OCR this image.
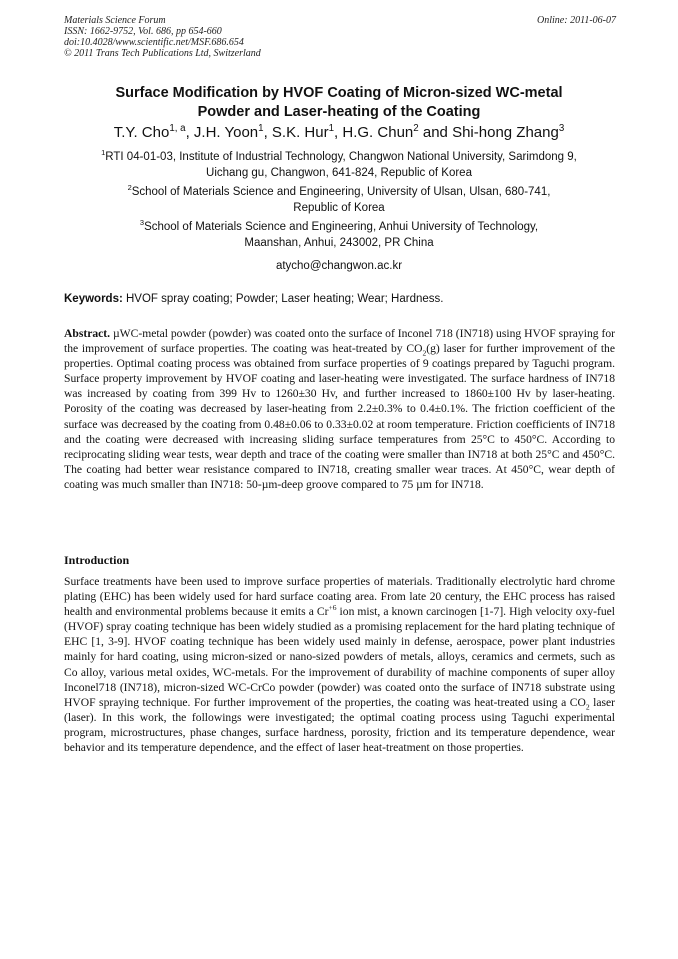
Materials Science Forum
ISSN: 1662-9752, Vol. 686, pp 654-660
doi:10.4028/www.scientific.net/MSF.686.654
© 2011 Trans Tech Publications Ltd, Switzerland
Online: 2011-06-07
Surface Modification by HVOF Coating of Micron-sized WC-metal
Powder and Laser-heating of the Coating
T.Y. Cho$^{1, a}$, J.H. Yoon$^1$, S.K. Hur$^1$, H.G. Chun$^2$ and Shi-hong Zhang$^3$
$^1$RTI 04-01-03, Institute of Industrial Technology, Changwon National University, Sarimdong 9,
Uichang gu, Changwon, 641-824, Republic of Korea
$^2$School of Materials Science and Engineering, University of Ulsan, Ulsan, 680-741,
Republic of Korea
$^3$School of Materials Science and Engineering, Anhui University of Technology,
Maanshan, Anhui, 243002, PR China
atycho@changwon.ac.kr
Keywords: HVOF spray coating; Powder; Laser heating; Wear; Hardness.
Abstract. µWC-metal powder (powder) was coated onto the surface of Inconel 718 (IN718) using HVOF spraying for the improvement of surface properties. The coating was heat-treated by $CO_2(g)$ laser for further improvement of the properties. Optimal coating process was obtained from surface properties of 9 coatings prepared by Taguchi program. Surface property improvement by HVOF coating and laser-heating were investigated. The surface hardness of IN718 was increased by coating from 399 Hv to 1260±30 Hv, and further increased to 1860±100 Hv by laser-heating. Porosity of the coating was decreased by laser-heating from 2.2±0.3% to 0.4±0.1%. The friction coefficient of the surface was decreased by the coating from 0.48±0.06 to 0.33±0.02 at room temperature. Friction coefficients of IN718 and the coating were decreased with increasing sliding surface temperatures from 25°C to 450°C. According to reciprocating sliding wear tests, wear depth and trace of the coating were smaller than IN718 at both 25°C and 450°C. The coating had better wear resistance compared to IN718, creating smaller wear traces. At 450°C, wear depth of coating was much smaller than IN718: 50-µm-deep groove compared to 75 µm for IN718.
Introduction
Surface treatments have been used to improve surface properties of materials. Traditionally electrolytic hard chrome plating (EHC) has been widely used for hard surface coating area. From late 20 century, the EHC process has raised health and environmental problems because it emits a $Cr^{+6}$ ion mist, a known carcinogen [1-7]. High velocity oxy-fuel (HVOF) spray coating technique has been widely studied as a promising replacement for the hard plating technique of EHC [1, 3-9]. HVOF coating technique has been widely used mainly in defense, aerospace, power plant industries mainly for hard coating, using micron-sized or nano-sized powders of metals, alloys, ceramics and cermets, such as Co alloy, various metal oxides, WC-metals. For the improvement of durability of machine components of super alloy Inconel718 (IN718), micron-sized WC-CrCo powder (powder) was coated onto the surface of IN718 substrate using HVOF spraying technique. For further improvement of the properties, the coating was heat-treated using a $CO_2$ laser (laser). In this work, the followings were investigated; the optimal coating process using Taguchi experimental program, microstructures, phase changes, surface hardness, porosity, friction and its temperature dependence, wear behavior and its temperature dependence, and the effect of laser heat-treatment on those properties.
